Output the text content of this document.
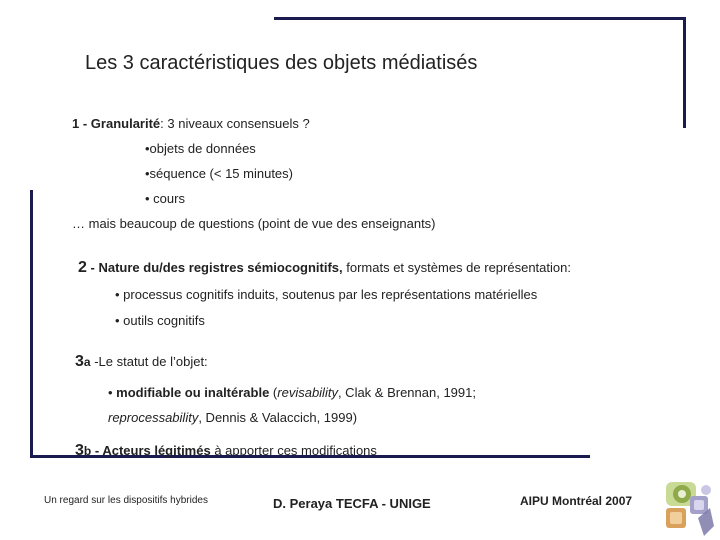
Les 3 caractéristiques des objets médiatisés
1 - Granularité: 3 niveaux consensuels ?
•objets de données
•séquence (< 15 minutes)
• cours
… mais beaucoup de questions (point de vue des enseignants)
2 - Nature du/des registres sémiocognitifs, formats et systèmes de représentation:
• processus cognitifs induits, soutenus par les représentations matérielles
• outils cognitifs
3a -Le statut de l’objet:
• modifiable ou inaltérable (revisability, Clak & Brennan, 1991;
reprocessability, Dennis & Valaccich, 1999)
3b - Acteurs légitimés à apporter ces modifications
Un regard sur les dispositifs hybrides	D. Peraya TECFA - UNIGE	AIPU Montréal 2007
